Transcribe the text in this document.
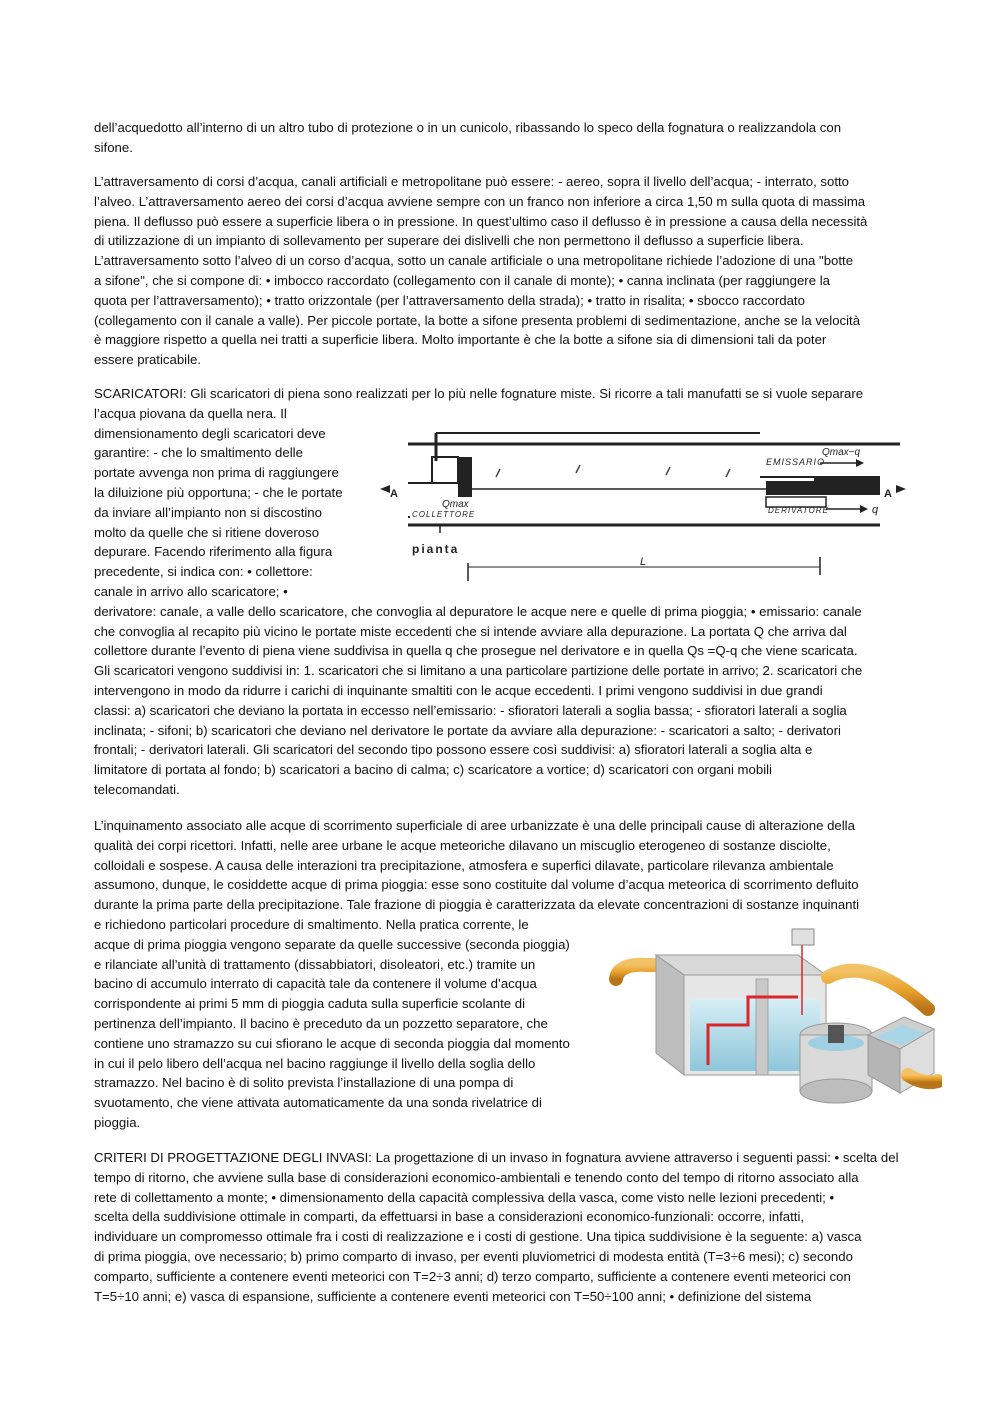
dell’acquedotto all’interno di un altro tubo di protezione o in un cunicolo, ribassando lo speco della fognatura o realizzandola con
sifone.
L’attraversamento di corsi d’acqua, canali artificiali e metropolitane può essere: - aereo, sopra il livello dell’acqua; - interrato, sotto
l’alveo. L’attraversamento aereo dei corsi d’acqua avviene sempre con un franco non inferiore a circa 1,50 m sulla quota di massima
piena. Il deflusso può essere a superficie libera o in pressione. In quest’ultimo caso il deflusso è in pressione a causa della necessità
di utilizzazione di un impianto di sollevamento per superare dei dislivelli che non permettono il deflusso a superficie libera.
L’attraversamento sotto l’alveo di un corso d’acqua, sotto un canale artificiale o una metropolitane richiede l’adozione di una "botte
a sifone", che si compone di: • imbocco raccordato (collegamento con il canale di monte); • canna inclinata (per raggiungere la
quota per l’attraversamento); • tratto orizzontale (per l’attraversamento della strada); • tratto in risalita; • sbocco raccordato
(collegamento con il canale a valle). Per piccole portate, la botte a sifone presenta problemi di sedimentazione, anche se la velocità
è maggiore rispetto a quella nei tratti a superficie libera. Molto importante è che la botte a sifone sia di dimensioni tali da poter
essere praticabile.
SCARICATORI: Gli scaricatori di piena sono realizzati per lo più nelle fognature miste. Si ricorre a tali manufatti se si vuole separare
l’acqua piovana da quella nera. Il
dimensionamento degli scaricatori deve
garantire: - che lo smaltimento delle
portate avvenga non prima di raggiungere
la diluizione più opportuna; - che le portate
da inviare all’impianto non si discostino
molto da quelle che si ritiene doveroso
depurare. Facendo riferimento alla figura
precedente, si indica con: • collettore:
canale in arrivo allo scaricatore; •
derivatore: canale, a valle dello scaricatore, che convoglia al depuratore le acque nere e quelle di prima pioggia; • emissario: canale
che convoglia al recapito più vicino le portate miste eccedenti che si intende avviare alla depurazione. La portata Q che arriva dal
collettore durante l’evento di piena viene suddivisa in quella q che prosegue nel derivatore e in quella Qs =Q-q che viene scaricata.
Gli scaricatori vengono suddivisi in: 1. scaricatori che si limitano a una particolare partizione delle portate in arrivo; 2. scaricatori che
intervengono in modo da ridurre i carichi di inquinante smaltiti con le acque eccedenti. I primi vengono suddivisi in due grandi
classi: a) scaricatori che deviano la portata in eccesso nell’emissario: - sfioratori laterali a soglia bassa; - sfioratori laterali a soglia
inclinata; - sifoni; b) scaricatori che deviano nel derivatore le portate da avviare alla depurazione: - scaricatori a salto; - derivatori
frontali; - derivatori laterali. Gli scaricatori del secondo tipo possono essere così suddivisi: a) sfioratori laterali a soglia alta e
limitatore di portata al fondo; b) scaricatori a bacino di calma; c) scaricatore a vortice; d) scaricatori con organi mobili
telecomandati.
A	A
EMISSARIO
Qmax−q
Qmax
COLLETTORE	DERIVATORE	q
pianta
L
L’inquinamento associato alle acque di scorrimento superficiale di aree urbanizzate è una delle principali cause di alterazione della
qualità dei corpi ricettori. Infatti, nelle aree urbane le acque meteoriche dilavano un miscuglio eterogeneo di sostanze disciolte,
colloidali e sospese. A causa delle interazioni tra precipitazione, atmosfera e superfici dilavate, particolare rilevanza ambientale
assumono, dunque, le cosiddette acque di prima pioggia: esse sono costituite dal volume d’acqua meteorica di scorrimento defluito
durante la prima parte della precipitazione. Tale frazione di pioggia è caratterizzata da elevate concentrazioni di sostanze inquinanti
e richiedono particolari procedure di smaltimento. Nella pratica corrente, le
acque di prima pioggia vengono separate da quelle successive (seconda pioggia)
e rilanciate all’unità di trattamento (dissabbiatori, disoleatori, etc.) tramite un
bacino di accumulo interrato di capacità tale da contenere il volume d’acqua
corrispondente ai primi 5 mm di pioggia caduta sulla superficie scolante di
pertinenza dell’impianto. Il bacino è preceduto da un pozzetto separatore, che
contiene uno stramazzo su cui sfiorano le acque di seconda pioggia dal momento
in cui il pelo libero dell’acqua nel bacino raggiunge il livello della soglia dello
stramazzo. Nel bacino è di solito prevista l’installazione di una pompa di
svuotamento, che viene attivata automaticamente da una sonda rivelatrice di
pioggia.
CRITERI DI PROGETTAZIONE DEGLI INVASI: La progettazione di un invaso in fognatura avviene attraverso i seguenti passi: • scelta del
tempo di ritorno, che avviene sulla base di considerazioni economico-ambientali e tenendo conto del tempo di ritorno associato alla
rete di collettamento a monte; • dimensionamento della capacità complessiva della vasca, come visto nelle lezioni precedenti; •
scelta della suddivisione ottimale in comparti, da effettuarsi in base a considerazioni economico-funzionali: occorre, infatti,
individuare un compromesso ottimale fra i costi di realizzazione e i costi di gestione. Una tipica suddivisione è la seguente: a) vasca
di prima pioggia, ove necessario; b) primo comparto di invaso, per eventi pluviometrici di modesta entità (T=3÷6 mesi); c) secondo
comparto, sufficiente a contenere eventi meteorici con T=2÷3 anni; d) terzo comparto, sufficiente a contenere eventi meteorici con
T=5÷10 anni; e) vasca di espansione, sufficiente a contenere eventi meteorici con T=50÷100 anni; • definizione del sistema
